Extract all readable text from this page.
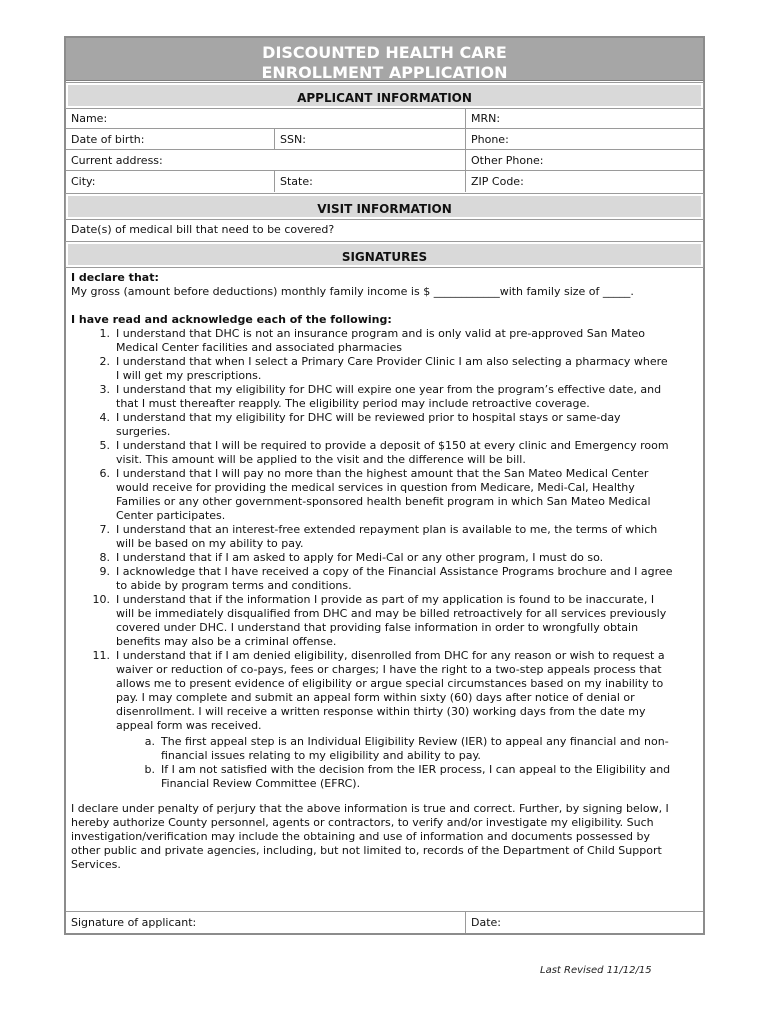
DISCOUNTED HEALTH CARE
ENROLLMENT APPLICATION
APPLICANT INFORMATION
Name:	MRN:
Date of birth:	SSN:	Phone:
Current address:	Other Phone:
City:	State:	ZIP Code:
VISIT INFORMATION
Date(s) of medical bill that need to be covered?
SIGNATURES

I declare that:

My gross (amount before deductions) monthly family income is $ ____________with family size of _____.

I have read and acknowledge each of the following:

1. I understand that DHC is not an insurance program and is only valid at pre-approved San Mateo
Medical Center facilities and associated pharmacies
2. I understand that when I select a Primary Care Provider Clinic I am also selecting a pharmacy where
I will get my prescriptions.
3. I understand that my eligibility for DHC will expire one year from the program’s effective date, and
that I must thereafter reapply. The eligibility period may include retroactive coverage.
4. I understand that my eligibility for DHC will be reviewed prior to hospital stays or same-day
surgeries.
5. I understand that I will be required to provide a deposit of $150 at every clinic and Emergency room
visit. This amount will be applied to the visit and the difference will be bill.
6. I understand that I will pay no more than the highest amount that the San Mateo Medical Center
would receive for providing the medical services in question from Medicare, Medi-Cal, Healthy
Families or any other government-sponsored health benefit program in which San Mateo Medical
Center participates.
7. I understand that an interest-free extended repayment plan is available to me, the terms of which
will be based on my ability to pay.
8. I understand that if I am asked to apply for Medi-Cal or any other program, I must do so.
9. I acknowledge that I have received a copy of the Financial Assistance Programs brochure and I agree
to abide by program terms and conditions.
10. I understand that if the information I provide as part of my application is found to be inaccurate, I
will be immediately disqualified from DHC and may be billed retroactively for all services previously
covered under DHC. I understand that providing false information in order to wrongfully obtain
benefits may also be a criminal offense.
11. I understand that if I am denied eligibility, disenrolled from DHC for any reason or wish to request a
waiver or reduction of co-pays, fees or charges; I have the right to a two-step appeals process that
allows me to present evidence of eligibility or argue special circumstances based on my inability to
pay. I may complete and submit an appeal form within sixty (60) days after notice of denial or
disenrollment. I will receive a written response within thirty (30) working days from the date my
appeal form was received.
a. The first appeal step is an Individual Eligibility Review (IER) to appeal any financial and non-
financial issues relating to my eligibility and ability to pay.
b. If I am not satisfied with the decision from the IER process, I can appeal to the Eligibility and
Financial Review Committee (EFRC).
I declare under penalty of perjury that the above information is true and correct. Further, by signing below, I
hereby authorize County personnel, agents or contractors, to verify and/or investigate my eligibility. Such
investigation/verification may include the obtaining and use of information and documents possessed by
other public and private agencies, including, but not limited to, records of the Department of Child Support
Services.
Signature of applicant:	Date:
Last Revised 11/12/15
